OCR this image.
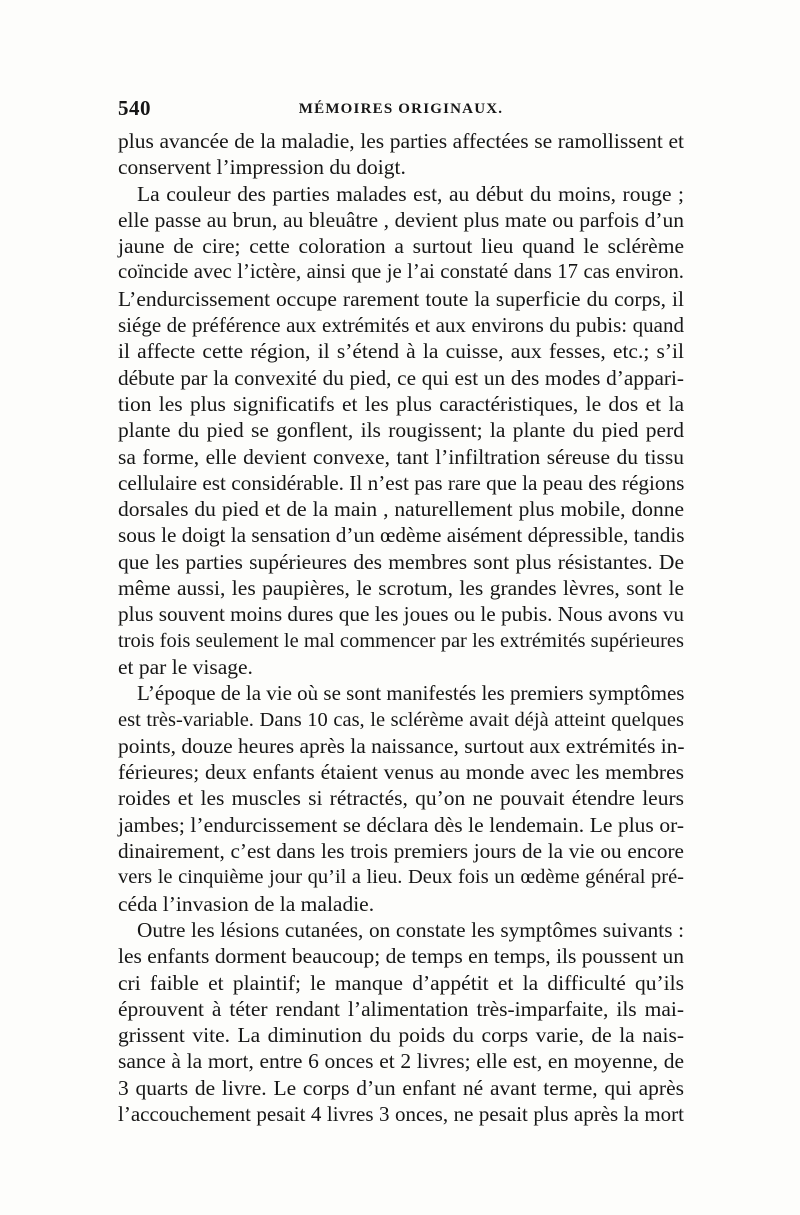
540	MÉMOIRES ORIGINAUX.
plus avancée de la maladie, les parties affectées se ramollissent et
conservent l’impression du doigt.
La couleur des parties malades est, au début du moins, rouge ;
elle passe au brun, au bleuâtre , devient plus mate ou parfois d’un
jaune de cire; cette coloration a surtout lieu quand le sclérème
coïncide avec l’ictère, ainsi que je l’ai constaté dans 17 cas environ.
L’endurcissement occupe rarement toute la superficie du corps, il
siége de préférence aux extrémités et aux environs du pubis: quand
il affecte cette région, il s’étend à la cuisse, aux fesses, etc.; s’il
débute par la convexité du pied, ce qui est un des modes d’appari-
tion les plus significatifs et les plus caractéristiques, le dos et la
plante du pied se gonflent, ils rougissent; la plante du pied perd
sa forme, elle devient convexe, tant l’infiltration séreuse du tissu
cellulaire est considérable. Il n’est pas rare que la peau des régions
dorsales du pied et de la main , naturellement plus mobile, donne
sous le doigt la sensation d’un œdème aisément dépressible, tandis
que les parties supérieures des membres sont plus résistantes. De
même aussi, les paupières, le scrotum, les grandes lèvres, sont le
plus souvent moins dures que les joues ou le pubis. Nous avons vu
trois fois seulement le mal commencer par les extrémités supérieures
et par le visage.
L’époque de la vie où se sont manifestés les premiers symptômes
est très-variable. Dans 10 cas, le sclérème avait déjà atteint quelques
points, douze heures après la naissance, surtout aux extrémités in-
férieures; deux enfants étaient venus au monde avec les membres
roides et les muscles si rétractés, qu’on ne pouvait étendre leurs
jambes; l’endurcissement se déclara dès le lendemain. Le plus or-
dinairement, c’est dans les trois premiers jours de la vie ou encore
vers le cinquième jour qu’il a lieu. Deux fois un œdème général pré-
céda l’invasion de la maladie.
Outre les lésions cutanées, on constate les symptômes suivants :
les enfants dorment beaucoup; de temps en temps, ils poussent un
cri faible et plaintif; le manque d’appétit et la difficulté qu’ils
éprouvent à téter rendant l’alimentation très-imparfaite, ils mai-
grissent vite. La diminution du poids du corps varie, de la nais-
sance à la mort, entre 6 onces et 2 livres; elle est, en moyenne, de
3 quarts de livre. Le corps d’un enfant né avant terme, qui après
l’accouchement pesait 4 livres 3 onces, ne pesait plus après la mort
